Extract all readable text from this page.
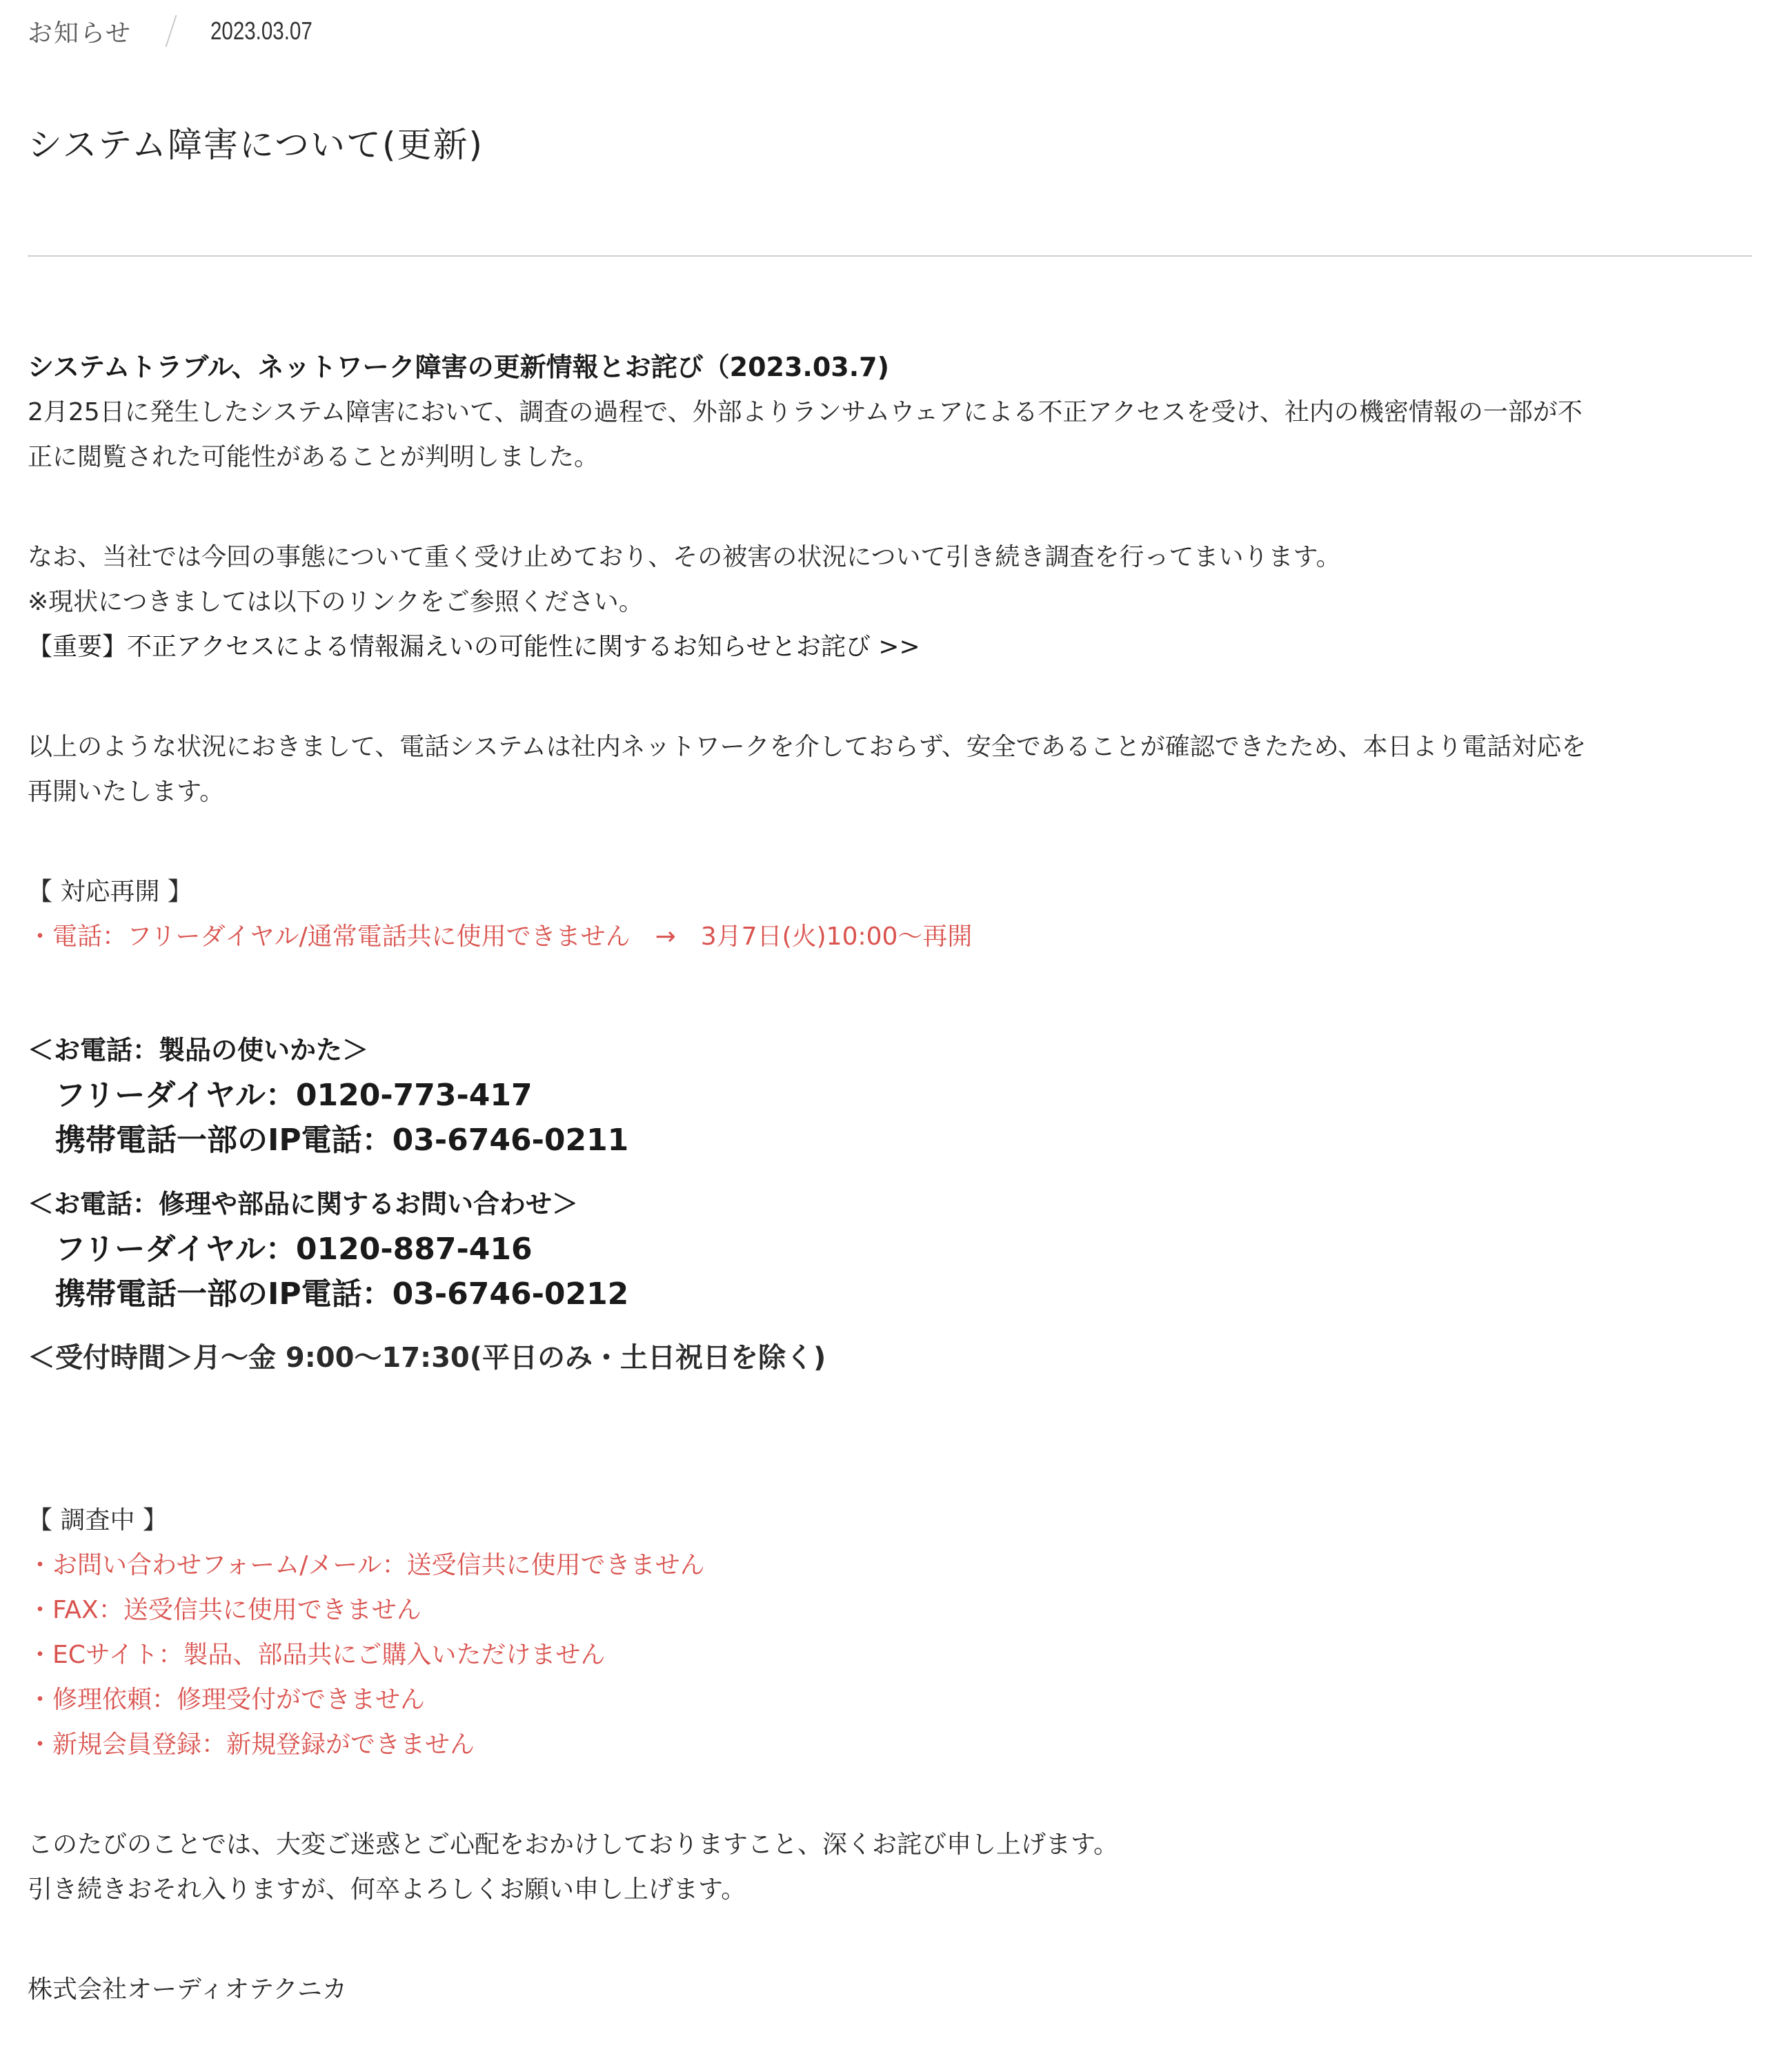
お知らせ	2023.03.07
システム障害について(更新)
システムトラブル、ネットワーク障害の更新情報とお詫び（2023.03.7)
2月25日に発生したシステム障害において、調査の過程で、外部よりランサムウェアによる不正アクセスを受け、社内の機密情報の一部が不
正に閲覧された可能性があることが判明しました。
なお、当社では今回の事態について重く受け止めており、その被害の状況について引き続き調査を行ってまいります。
※現状につきましては以下のリンクをご参照ください。
【重要】不正アクセスによる情報漏えいの可能性に関するお知らせとお詫び >>
以上のような状況におきまして、電話システムは社内ネットワークを介しておらず、安全であることが確認できたため、本日より電話対応を
再開いたします。
【 対応再開 】
・電話：フリーダイヤル/通常電話共に使用できません　→　3月7日(火)10:00～再開
＜お電話：製品の使いかた＞
フリーダイヤル：0120-773-417
携帯電話一部のIP電話：03-6746-0211
＜お電話：修理や部品に関するお問い合わせ＞
フリーダイヤル：0120-887-416
携帯電話一部のIP電話：03-6746-0212
＜受付時間＞月～金 9:00～17:30(平日のみ・土日祝日を除く)
【 調査中 】
・お問い合わせフォーム/メール：送受信共に使用できません
・FAX：送受信共に使用できません
・ECサイト：製品、部品共にご購入いただけません
・修理依頼：修理受付ができません
・新規会員登録：新規登録ができません
このたびのことでは、大変ご迷惑とご心配をおかけしておりますこと、深くお詫び申し上げます。
引き続きおそれ入りますが、何卒よろしくお願い申し上げます。
株式会社オーディオテクニカ
